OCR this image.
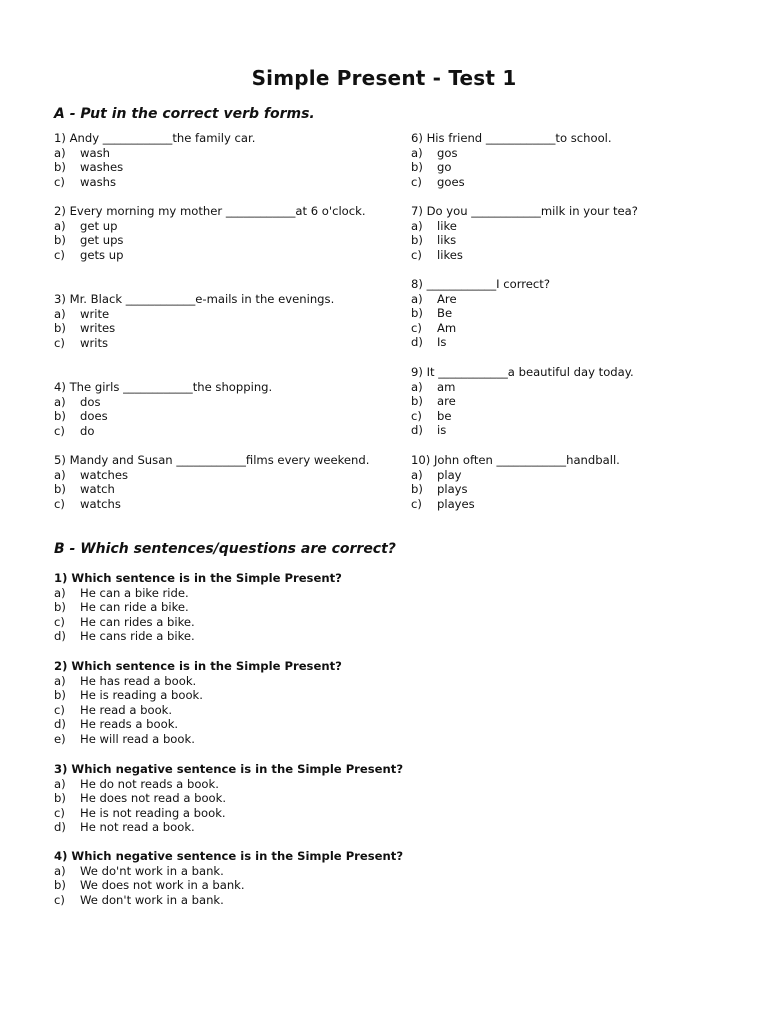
Simple Present - Test 1
A - Put in the correct verb forms.
1) Andy ____________the family car.
a) wash
b) washes
c) washs
2) Every morning my mother ____________at 6 o'clock.
a) get up
b) get ups
c) gets up
3) Mr. Black ____________e-mails in the evenings.
a) write
b) writes
c) writs
4) The girls ____________the shopping.
a) dos
b) does
c) do
5) Mandy and Susan ____________films every weekend.
a) watches
b) watch
c) watchs
6) His friend ____________to school.
a) gos
b) go
c) goes
7) Do you ____________milk in your tea?
a) like
b) liks
c) likes
8) ____________I correct?
a) Are
b) Be
c) Am
d) Is
9) It ____________a beautiful day today.
a) am
b) are
c) be
d) is
10) John often ____________handball.
a) play
b) plays
c) playes
B - Which sentences/questions are correct?
1) Which sentence is in the Simple Present?
a) He can a bike ride.
b) He can ride a bike.
c) He can rides a bike.
d) He cans ride a bike.
2) Which sentence is in the Simple Present?
a) He has read a book.
b) He is reading a book.
c) He read a book.
d) He reads a book.
e) He will read a book.
3) Which negative sentence is in the Simple Present?
a) He do not reads a book.
b) He does not read a book.
c) He is not reading a book.
d) He not read a book.
4) Which negative sentence is in the Simple Present?
a) We do'nt work in a bank.
b) We does not work in a bank.
c) We don't work in a bank.
